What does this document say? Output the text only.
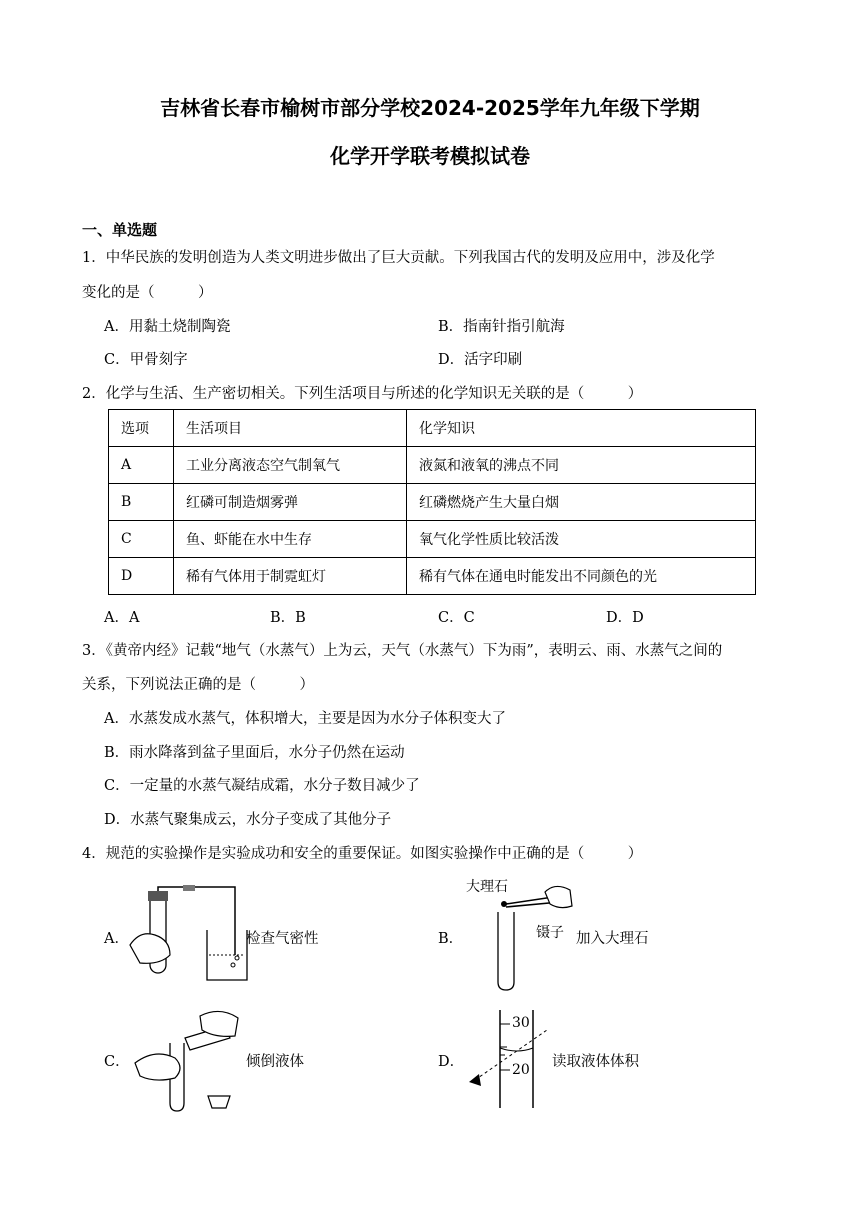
吉林省长春市榆树市部分学校2024-2025学年九年级下学期
化学开学联考模拟试卷
一、单选题
1．中华民族的发明创造为人类文明进步做出了巨大贡献。下列我国古代的发明及应用中，涉及化学
变化的是（　　　）
A．用黏土烧制陶瓷	B．指南针指引航海
C．甲骨刻字	D．活字印刷
2．化学与生活、生产密切相关。下列生活项目与所述的化学知识无关联的是（　　　）
选项	生活项目	化学知识
A	工业分离液态空气制氧气	液氮和液氧的沸点不同
B	红磷可制造烟雾弹	红磷燃烧产生大量白烟
C	鱼、虾能在水中生存	氧气化学性质比较活泼
D	稀有气体用于制霓虹灯	稀有气体在通电时能发出不同颜色的光
A．A	B．B	C．C	D．D
3．《黄帝内经》记载“地气（水蒸气）上为云，天气（水蒸气）下为雨”，表明云、雨、水蒸气之间的
关系，下列说法正确的是（　　　）
A．水蒸发成水蒸气，体积增大，主要是因为水分子体积变大了
B．雨水降落到盆子里面后，水分子仍然在运动
C．一定量的水蒸气凝结成霜，水分子数目减少了
D．水蒸气聚集成云，水分子变成了其他分子
4．规范的实验操作是实验成功和安全的重要保证。如图实验操作中正确的是（　　　）
A．	检查气密性	B．
大理石
镊子 加入大理石
C．	倾倒液体	D．
30
20 读取液体体积
